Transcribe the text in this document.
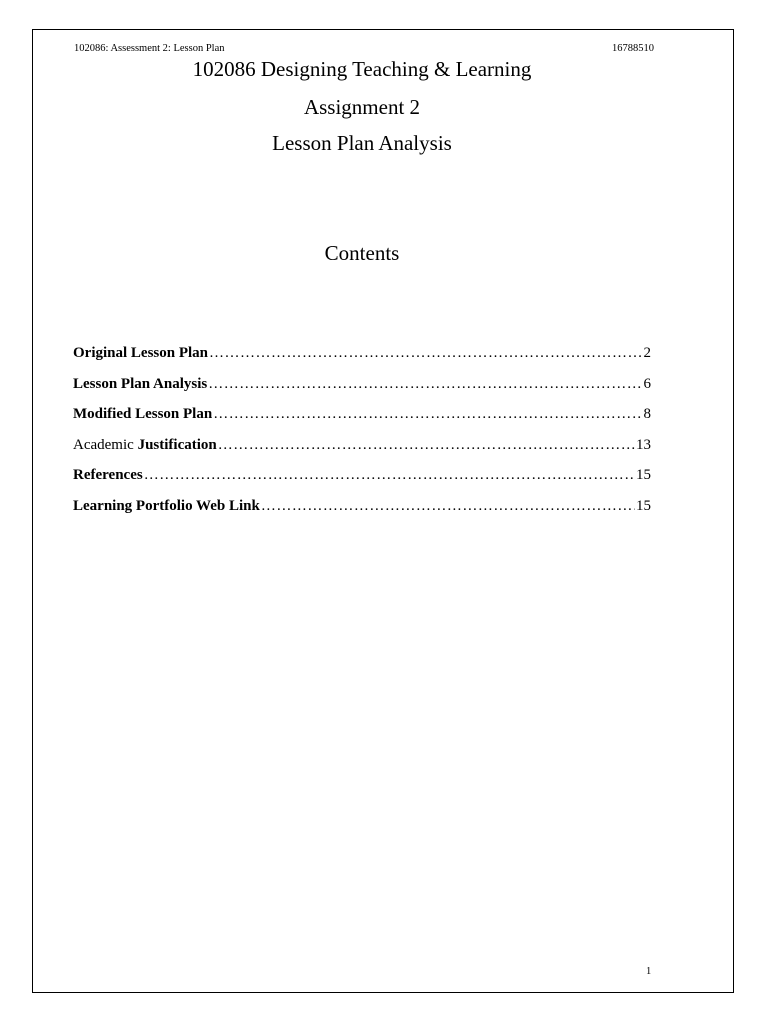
102086: Assessment 2: Lesson Plan	16788510
102086 Designing Teaching & Learning
Assignment 2
Lesson Plan Analysis
Contents
Original Lesson Plan ……………………………………………………………………………………………………………………………………	2
Lesson Plan Analysis ……………………………………………………………………………………………………………………………………	6
Modified Lesson Plan ……………………………………………………………………………………………………………………………………	8
Academic Justification ……………………………………………………………………………………………………………………………………	13
References ……………………………………………………………………………………………………………………………………	15
Learning Portfolio Web Link ……………………………………………………………………………………………………………………………………	15
1
